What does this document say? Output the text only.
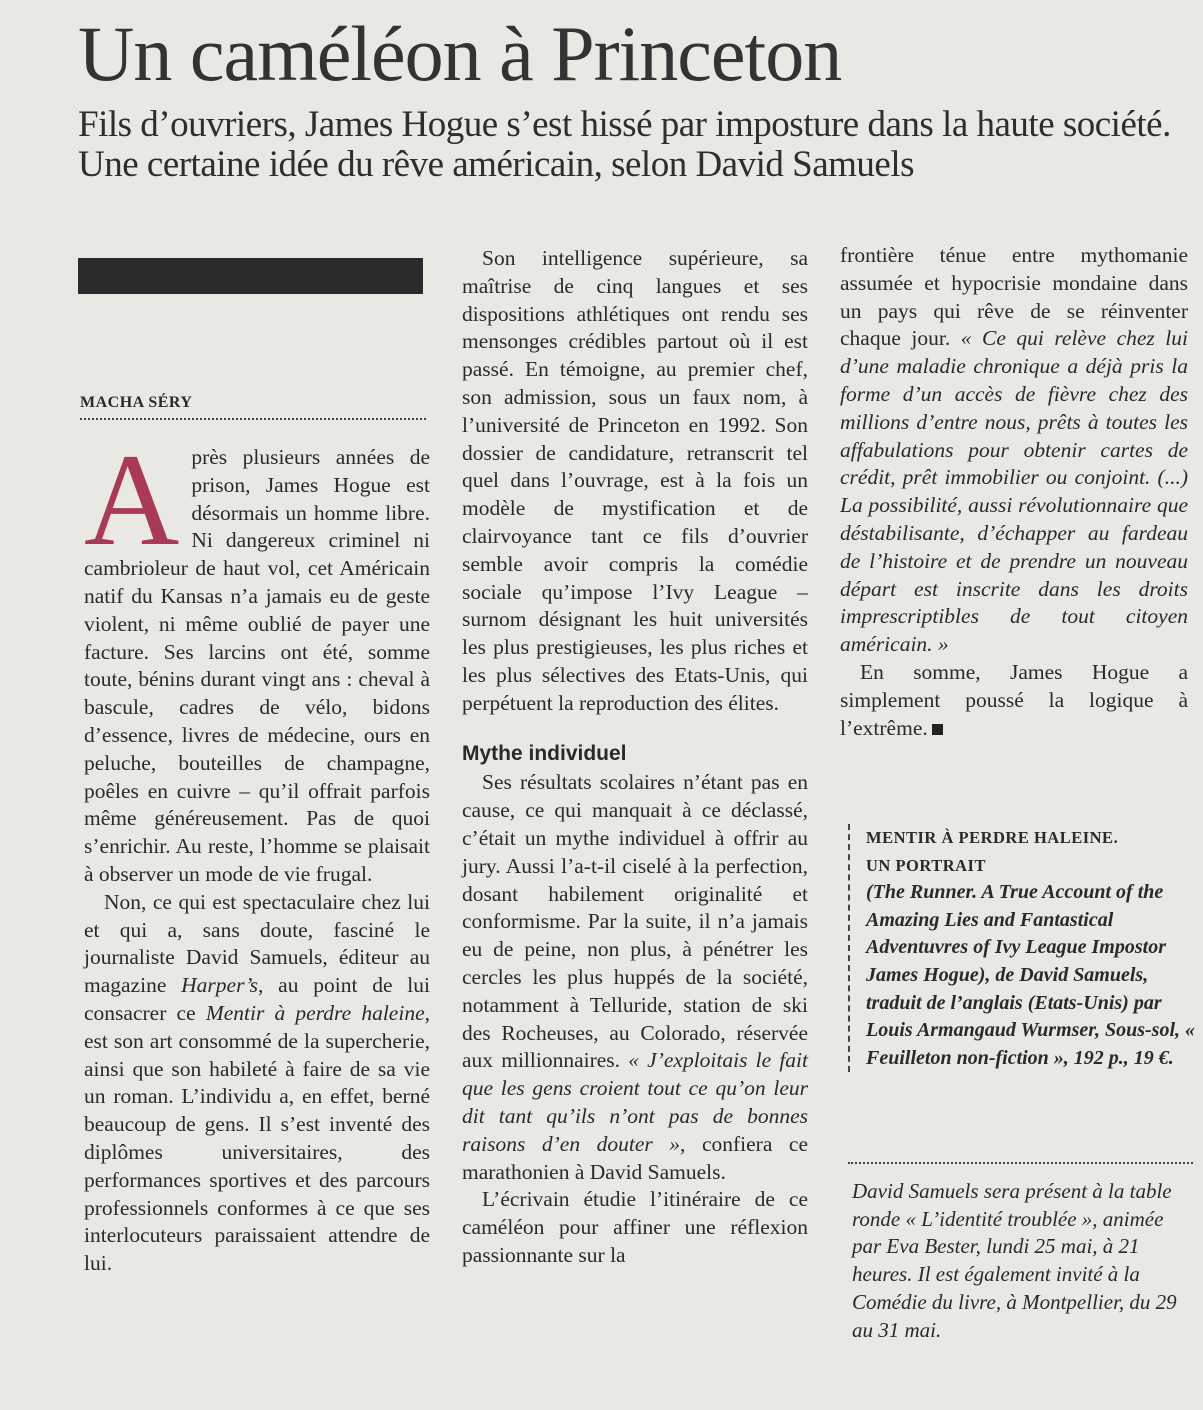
Un caméléon à Princeton

Fils d’ouvriers, James Hogue s’est hissé par imposture dans la haute société. Une certaine idée du rêve américain, selon David Samuels

MACHA SÉRY

Après plusieurs années de prison, James Hogue est désormais un homme libre. Ni dangereux criminel ni cambrioleur de haut vol, cet Américain natif du Kansas n’a jamais eu de geste violent, ni même oublié de payer une facture. Ses larcins ont été, somme toute, bénins durant vingt ans : cheval à bascule, cadres de vélo, bidons d’essence, livres de médecine, ours en peluche, bouteilles de champagne, poêles en cuivre – qu’il offrait parfois même généreusement. Pas de quoi s’enrichir. Au reste, l’homme se plaisait à observer un mode de vie frugal.

Non, ce qui est spectaculaire chez lui et qui a, sans doute, fasciné le journaliste David Samuels, éditeur au magazine Harper’s, au point de lui consacrer ce Mentir à perdre haleine, est son art consommé de la supercherie, ainsi que son habileté à faire de sa vie un roman. L’individu a, en effet, berné beaucoup de gens. Il s’est inventé des diplômes universitaires, des performances sportives et des parcours professionnels conformes à ce que ses interlocuteurs paraissaient attendre de lui.

Son intelligence supérieure, sa maîtrise de cinq langues et ses dispositions athlétiques ont rendu ses mensonges crédibles partout où il est passé. En témoigne, au premier chef, son admission, sous un faux nom, à l’université de Princeton en 1992. Son dossier de candidature, retranscrit tel quel dans l’ouvrage, est à la fois un modèle de mystification et de clairvoyance tant ce fils d’ouvrier semble avoir compris la comédie sociale qu’impose l’Ivy League – surnom désignant les huit universités les plus prestigieuses, les plus riches et les plus sélectives des Etats-Unis, qui perpétuent la reproduction des élites.

Mythe individuel

Ses résultats scolaires n’étant pas en cause, ce qui manquait à ce déclassé, c’était un mythe individuel à offrir au jury. Aussi l’a-t-il ciselé à la perfection, dosant habilement originalité et conformisme. Par la suite, il n’a jamais eu de peine, non plus, à pénétrer les cercles les plus huppés de la société, notamment à Telluride, station de ski des Rocheuses, au Colorado, réservée aux millionnaires. « J’exploitais le fait que les gens croient tout ce qu’on leur dit tant qu’ils n’ont pas de bonnes raisons d’en douter », confiera ce marathonien à David Samuels.

L’écrivain étudie l’itinéraire de ce caméléon pour affiner une réflexion passionnante sur la

frontière ténue entre mythomanie assumée et hypocrisie mondaine dans un pays qui rêve de se réinventer chaque jour. « Ce qui relève chez lui d’une maladie chronique a déjà pris la forme d’un accès de fièvre chez des millions d’entre nous, prêts à toutes les affabulations pour obtenir cartes de crédit, prêt immobilier ou conjoint. (...) La possibilité, aussi révolutionnaire que déstabilisante, d’échapper au fardeau de l’histoire et de prendre un nouveau départ est inscrite dans les droits imprescriptibles de tout citoyen américain. »

En somme, James Hogue a simplement poussé la logique à l’extrême.

MENTIR À PERDRE HALEINE.
UN PORTRAIT
(The Runner. A True Account of the Amazing Lies and Fantastical Adventuvres of Ivy League Impostor James Hogue), de David Samuels, traduit de l’anglais (Etats-Unis) par Louis Armangaud Wurmser, Sous-sol, « Feuilleton non-fiction », 192 p., 19 €.
David Samuels sera présent à la table ronde « L’identité troublée », animée par Eva Bester, lundi 25 mai, à 21 heures. Il est également invité à la Comédie du livre, à Montpellier, du 29 au 31 mai.
